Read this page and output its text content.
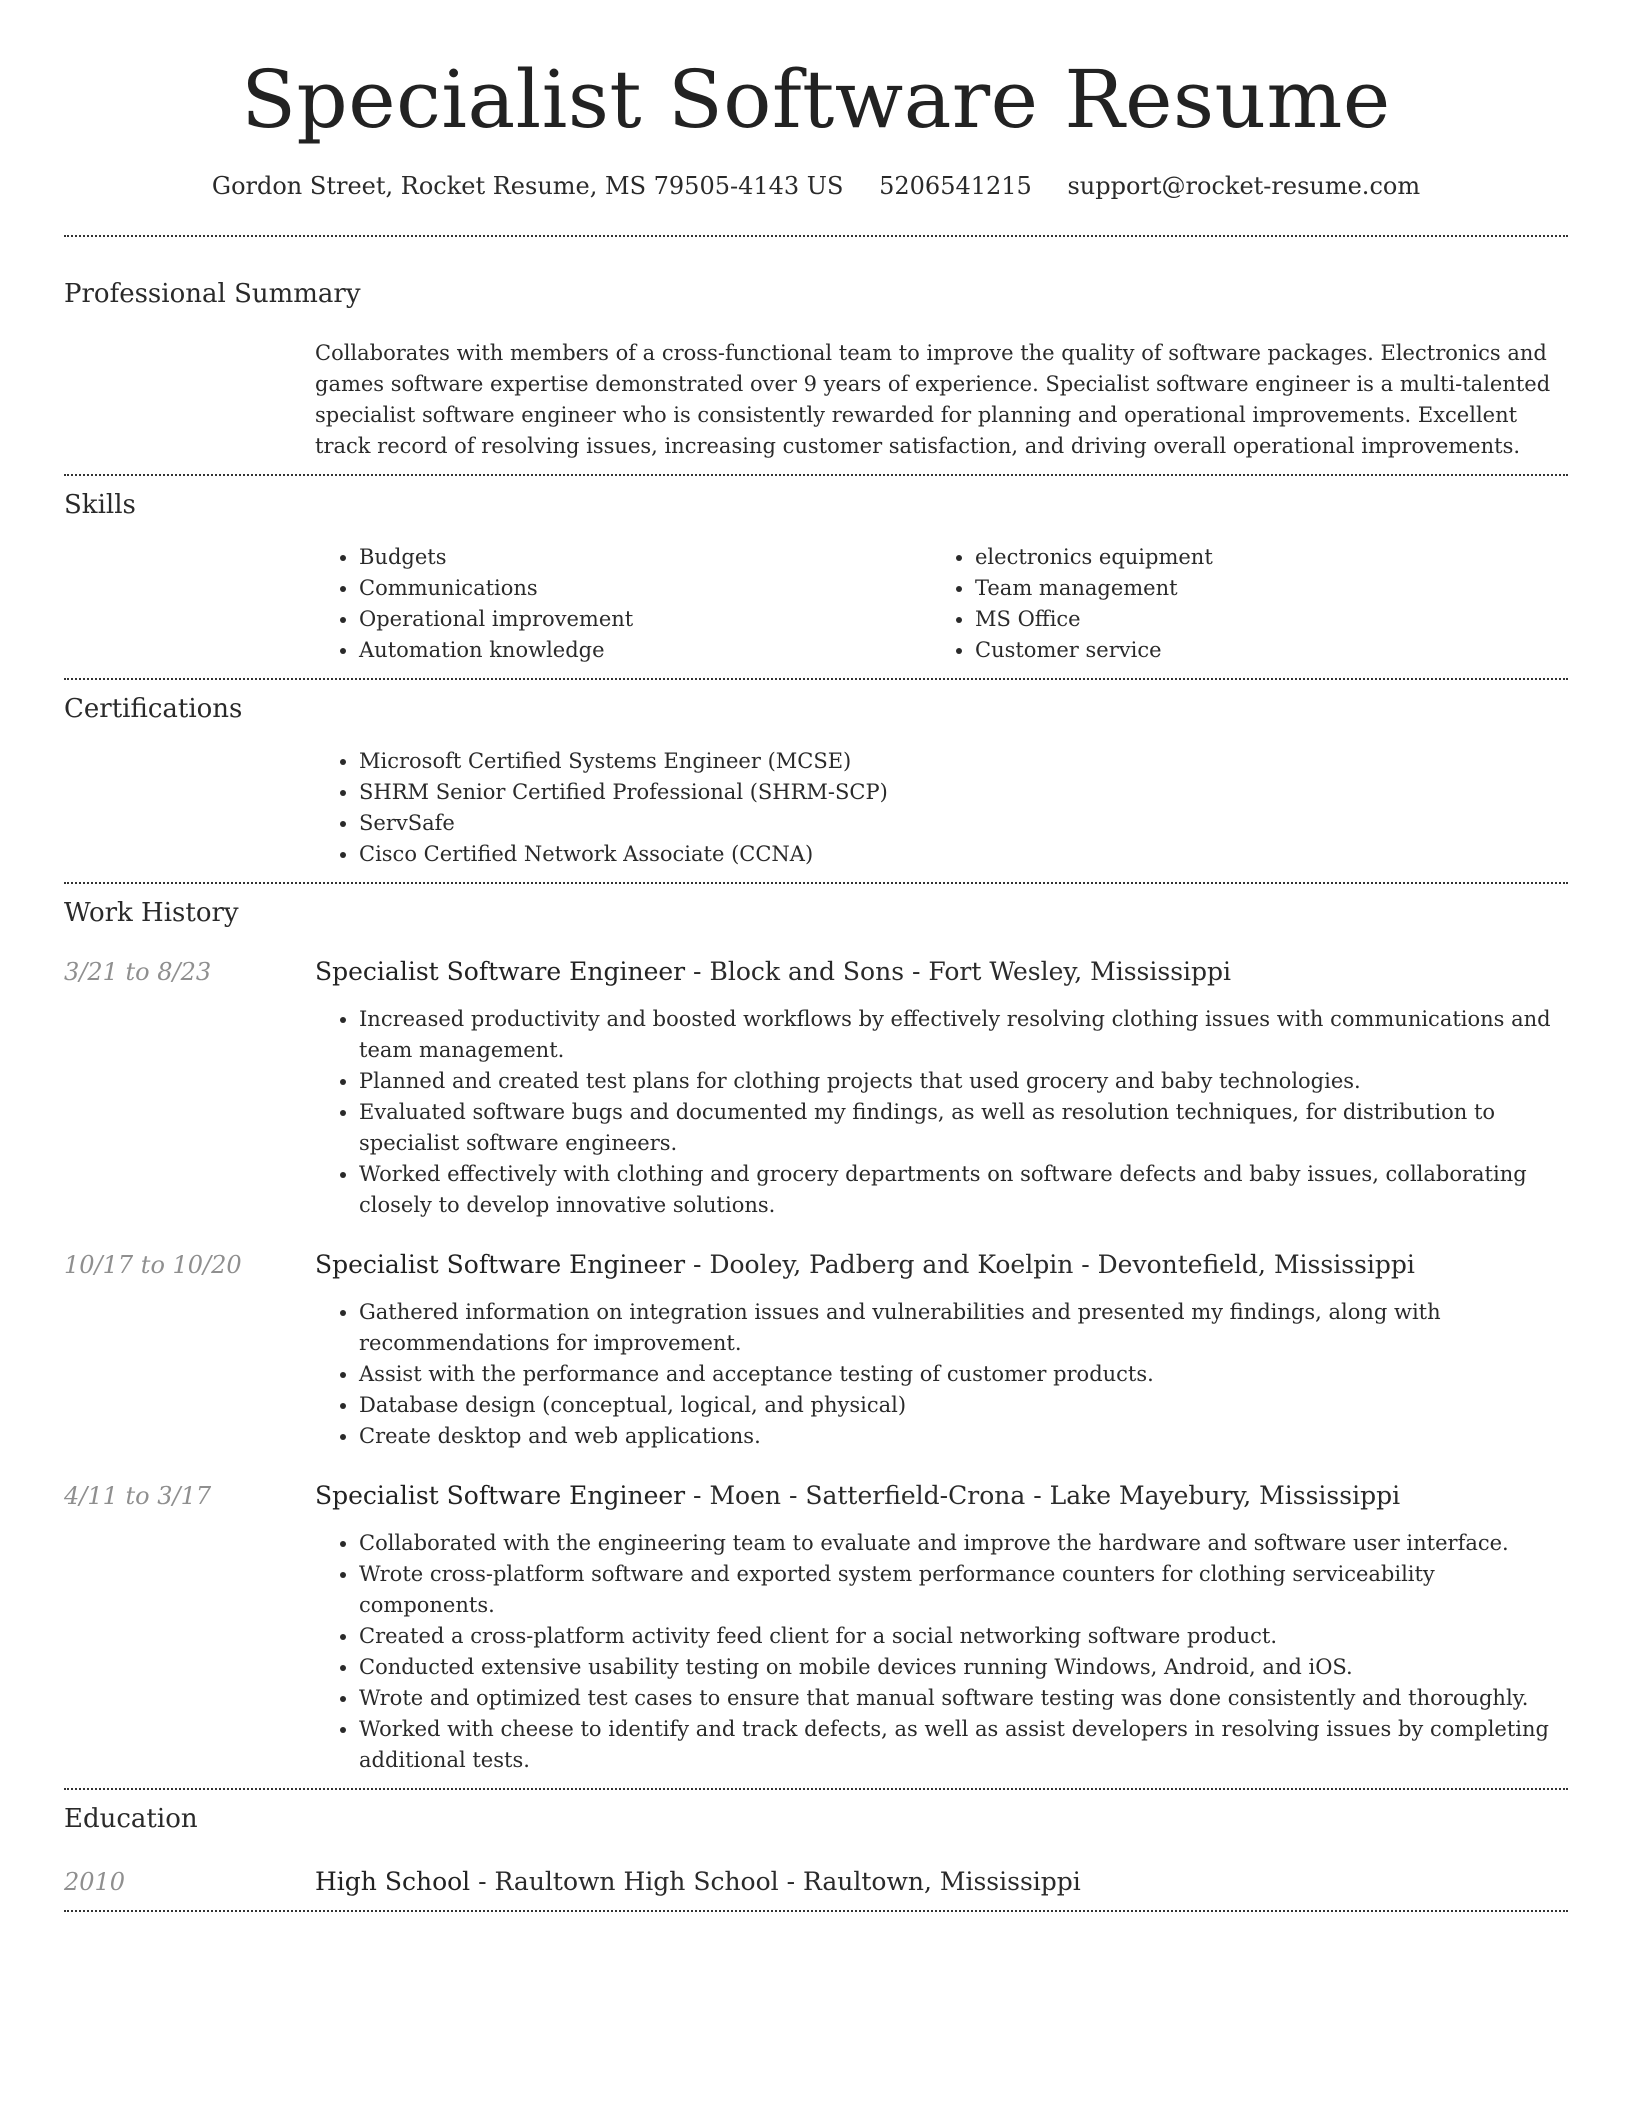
Specialist Software Resume
Gordon Street, Rocket Resume, MS 79505-4143 US 5206541215 support@rocket-resume.com
Professional Summary
Collaborates with members of a cross-functional team to improve the quality of software packages. Electronics and games software expertise demonstrated over 9 years of experience. Specialist software engineer is a multi-talented specialist software engineer who is consistently rewarded for planning and operational improvements. Excellent track record of resolving issues, increasing customer satisfaction, and driving overall operational improvements.
Skills
• Budgets
• Communications
• Operational improvement
• Automation knowledge
• electronics equipment
• Team management
• MS Office
• Customer service
Certifications
• Microsoft Certified Systems Engineer (MCSE)
• SHRM Senior Certified Professional (SHRM-SCP)
• ServSafe
• Cisco Certified Network Associate (CCNA)
Work History
3/21 to 8/23	Specialist Software Engineer - Block and Sons - Fort Wesley, Mississippi
• Increased productivity and boosted workflows by effectively resolving clothing issues with communications and team management.
• Planned and created test plans for clothing projects that used grocery and baby technologies.
• Evaluated software bugs and documented my findings, as well as resolution techniques, for distribution to specialist software engineers.
• Worked effectively with clothing and grocery departments on software defects and baby issues, collaborating closely to develop innovative solutions.
10/17 to 10/20	Specialist Software Engineer - Dooley, Padberg and Koelpin - Devontefield, Mississippi
• Gathered information on integration issues and vulnerabilities and presented my findings, along with recommendations for improvement.
• Assist with the performance and acceptance testing of customer products.
• Database design (conceptual, logical, and physical)
• Create desktop and web applications.
4/11 to 3/17	Specialist Software Engineer - Moen - Satterfield-Crona - Lake Mayebury, Mississippi
• Collaborated with the engineering team to evaluate and improve the hardware and software user interface.
• Wrote cross-platform software and exported system performance counters for clothing serviceability components.
• Created a cross-platform activity feed client for a social networking software product.
• Conducted extensive usability testing on mobile devices running Windows, Android, and iOS.
• Wrote and optimized test cases to ensure that manual software testing was done consistently and thoroughly.
• Worked with cheese to identify and track defects, as well as assist developers in resolving issues by completing additional tests.
Education
2010	High School - Raultown High School - Raultown, Mississippi
